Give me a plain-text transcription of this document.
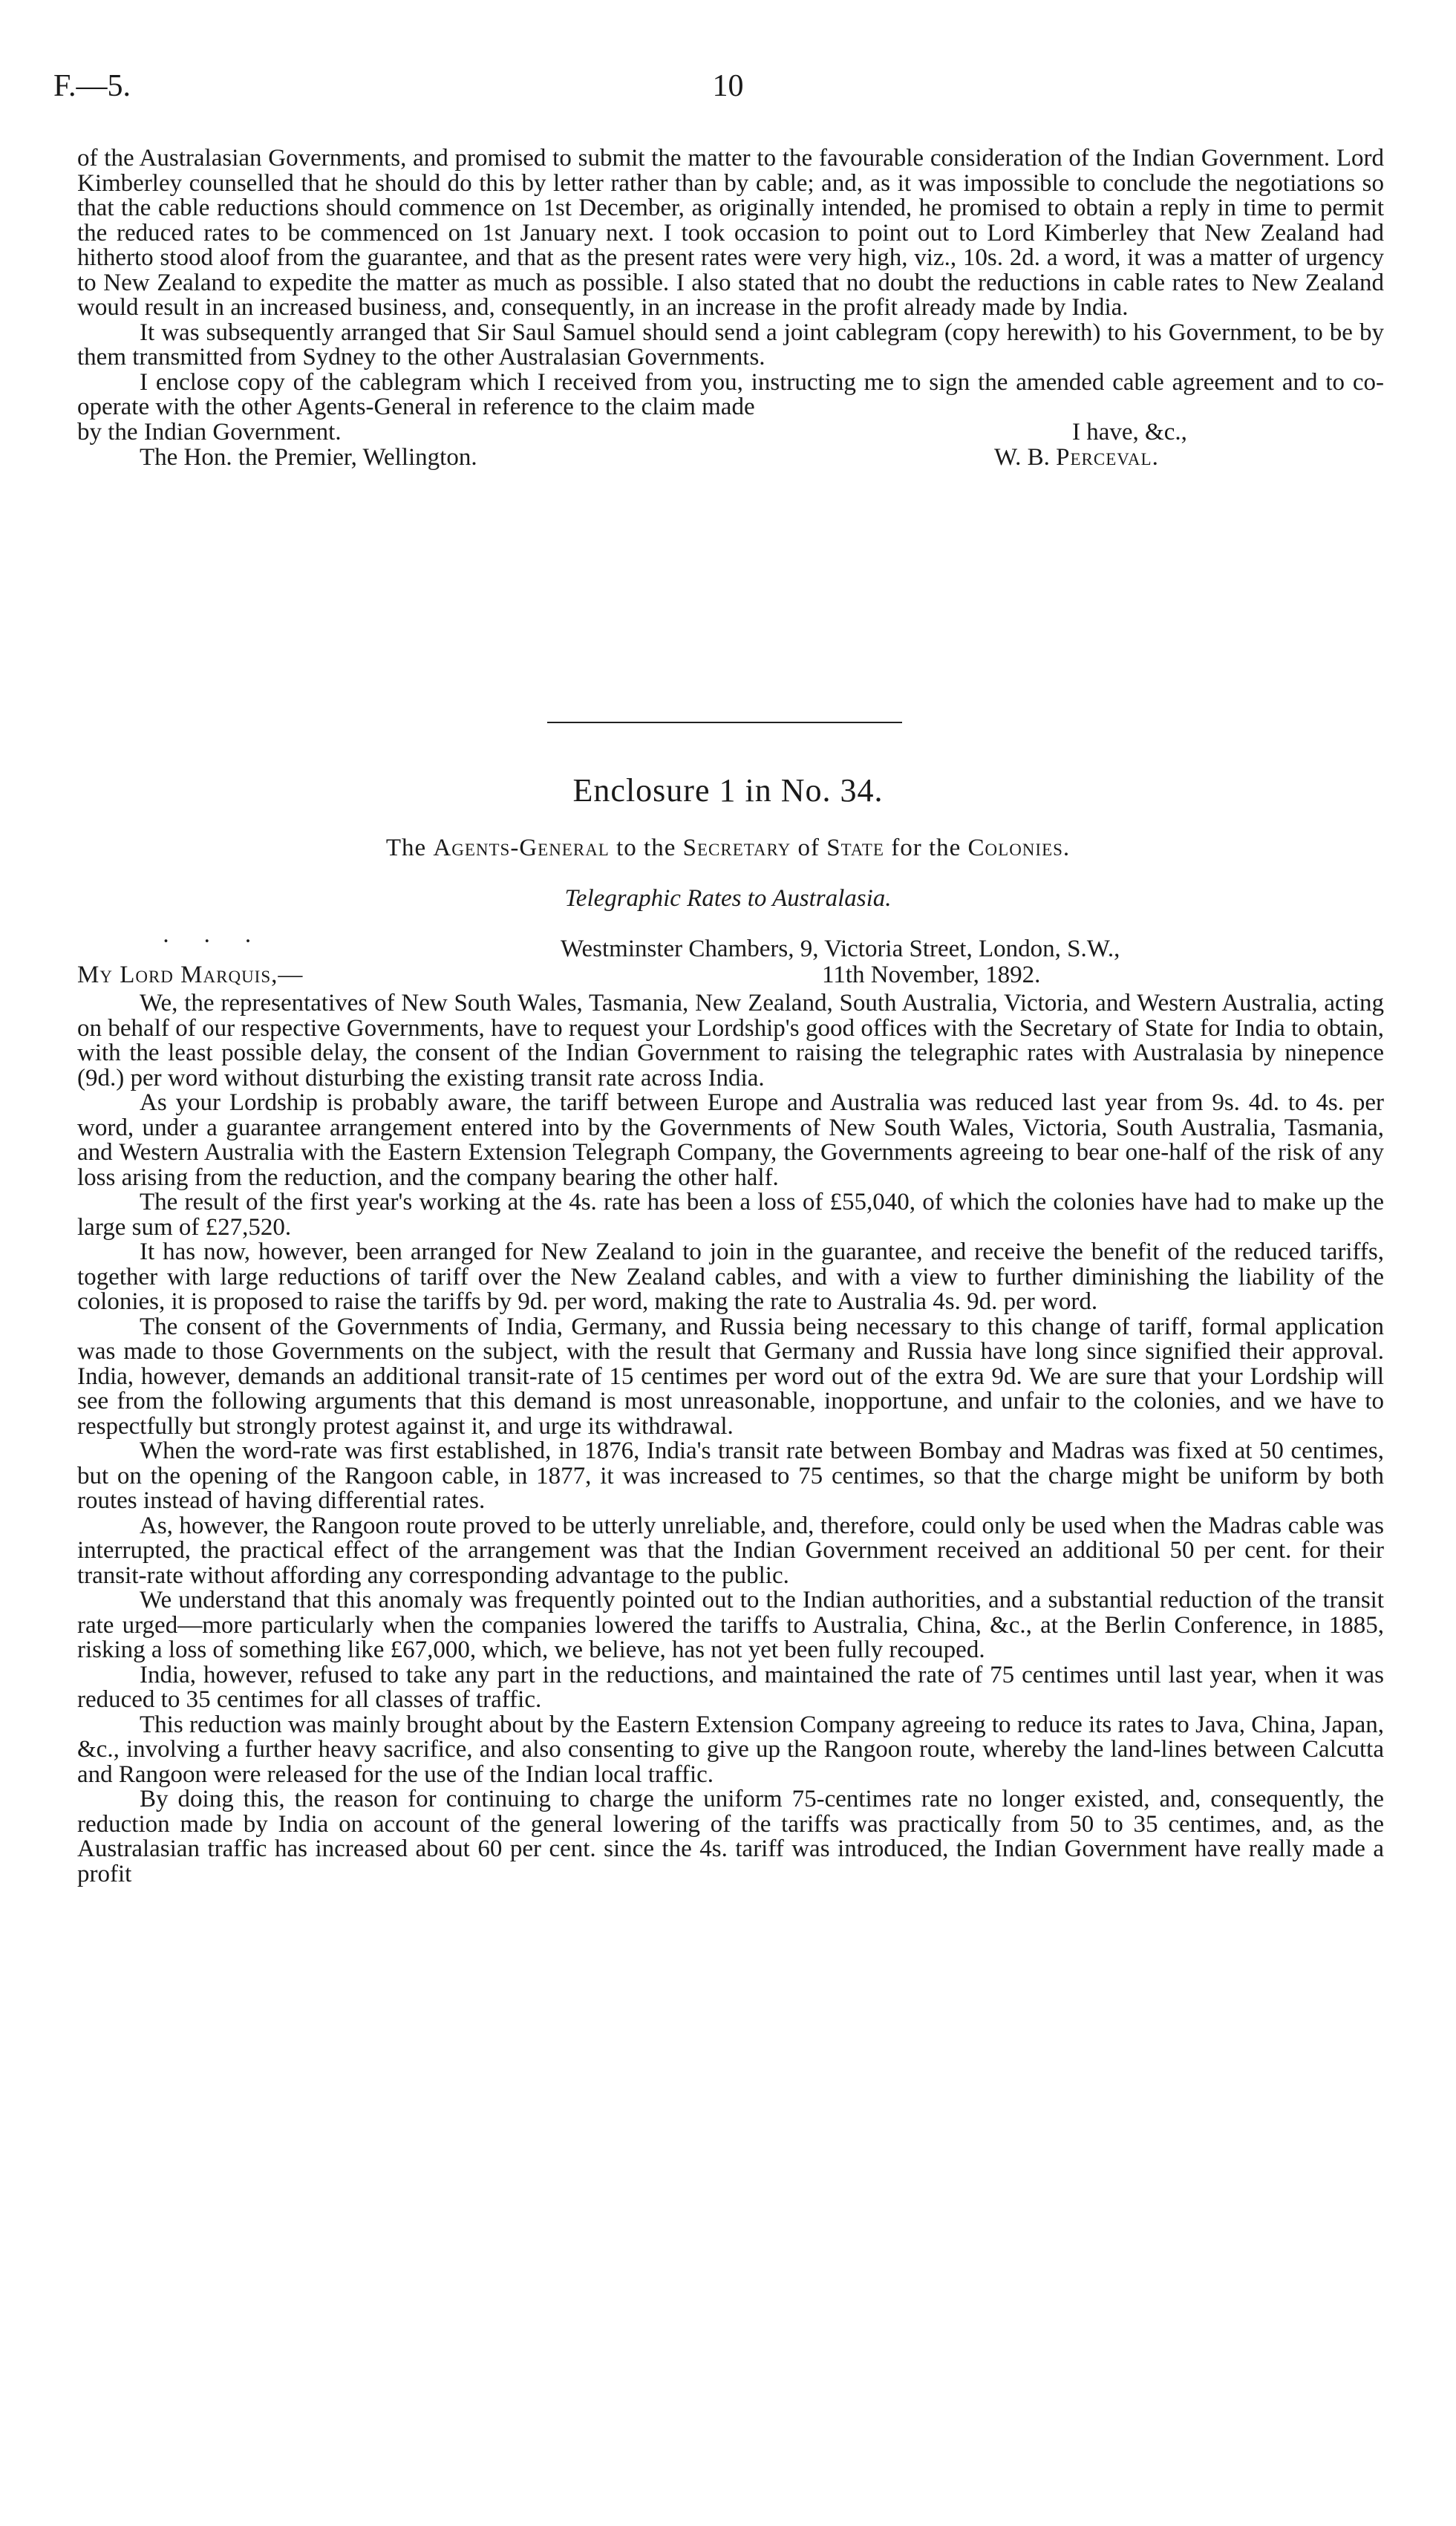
F.—5.	10

of the Australasian Governments, and promised to submit the matter to the favourable consideration of the Indian Government. Lord Kimberley counselled that he should do this by letter rather than by cable; and, as it was impossible to conclude the negotiations so that the cable reductions should commence on 1st December, as originally intended, he promised to obtain a reply in time to permit the reduced rates to be commenced on 1st January next. I took occasion to point out to Lord Kimberley that New Zealand had hitherto stood aloof from the guarantee, and that as the present rates were very high, viz., 10s. 2d. a word, it was a matter of urgency to New Zealand to expedite the matter as much as possible. I also stated that no doubt the reductions in cable rates to New Zealand would result in an increased business, and, consequently, in an increase in the profit already made by India.

It was subsequently arranged that Sir Saul Samuel should send a joint cablegram (copy herewith) to his Government, to be by them transmitted from Sydney to the other Australasian Governments.

I enclose copy of the cablegram which I received from you, instructing me to sign the amended cable agreement and to co-operate with the other Agents-General in reference to the claim made

by the Indian Government.	I have, &c.,
The Hon. the Premier, Wellington.	W. B. Perceval.
Enclosure 1 in No. 34.
The Agents-General to the Secretary of State for the Colonies.
Telegraphic Rates to Australasia.
· · ·	Westminster Chambers, 9, Victoria Street, London, S.W.,
My Lord Marquis,—	11th November, 1892.

We, the representatives of New South Wales, Tasmania, New Zealand, South Australia, Victoria, and Western Australia, acting on behalf of our respective Governments, have to request your Lordship's good offices with the Secretary of State for India to obtain, with the least possible delay, the consent of the Indian Government to raising the telegraphic rates with Australasia by ninepence (9d.) per word without disturbing the existing transit rate across India.

As your Lordship is probably aware, the tariff between Europe and Australia was reduced last year from 9s. 4d. to 4s. per word, under a guarantee arrangement entered into by the Governments of New South Wales, Victoria, South Australia, Tasmania, and Western Australia with the Eastern Extension Telegraph Company, the Governments agreeing to bear one-half of the risk of any loss arising from the reduction, and the company bearing the other half.

The result of the first year's working at the 4s. rate has been a loss of £55,040, of which the colonies have had to make up the large sum of £27,520.

It has now, however, been arranged for New Zealand to join in the guarantee, and receive the benefit of the reduced tariffs, together with large reductions of tariff over the New Zealand cables, and with a view to further diminishing the liability of the colonies, it is proposed to raise the tariffs by 9d. per word, making the rate to Australia 4s. 9d. per word.

The consent of the Governments of India, Germany, and Russia being necessary to this change of tariff, formal application was made to those Governments on the subject, with the result that Germany and Russia have long since signified their approval. India, however, demands an additional transit-rate of 15 centimes per word out of the extra 9d. We are sure that your Lordship will see from the following arguments that this demand is most unreasonable, inopportune, and unfair to the colonies, and we have to respectfully but strongly protest against it, and urge its withdrawal.

When the word-rate was first established, in 1876, India's transit rate between Bombay and Madras was fixed at 50 centimes, but on the opening of the Rangoon cable, in 1877, it was increased to 75 centimes, so that the charge might be uniform by both routes instead of having differential rates.

As, however, the Rangoon route proved to be utterly unreliable, and, therefore, could only be used when the Madras cable was interrupted, the practical effect of the arrangement was that the Indian Government received an additional 50 per cent. for their transit-rate without affording any corresponding advantage to the public.

We understand that this anomaly was frequently pointed out to the Indian authorities, and a substantial reduction of the transit rate urged—more particularly when the companies lowered the tariffs to Australia, China, &c., at the Berlin Conference, in 1885, risking a loss of something like £67,000, which, we believe, has not yet been fully recouped.

India, however, refused to take any part in the reductions, and maintained the rate of 75 centimes until last year, when it was reduced to 35 centimes for all classes of traffic.

This reduction was mainly brought about by the Eastern Extension Company agreeing to reduce its rates to Java, China, Japan, &c., involving a further heavy sacrifice, and also consenting to give up the Rangoon route, whereby the land-lines between Calcutta and Rangoon were released for the use of the Indian local traffic.

By doing this, the reason for continuing to charge the uniform 75-centimes rate no longer existed, and, consequently, the reduction made by India on account of the general lowering of the tariffs was practically from 50 to 35 centimes, and, as the Australasian traffic has increased about 60 per cent. since the 4s. tariff was introduced, the Indian Government have really made a profit
